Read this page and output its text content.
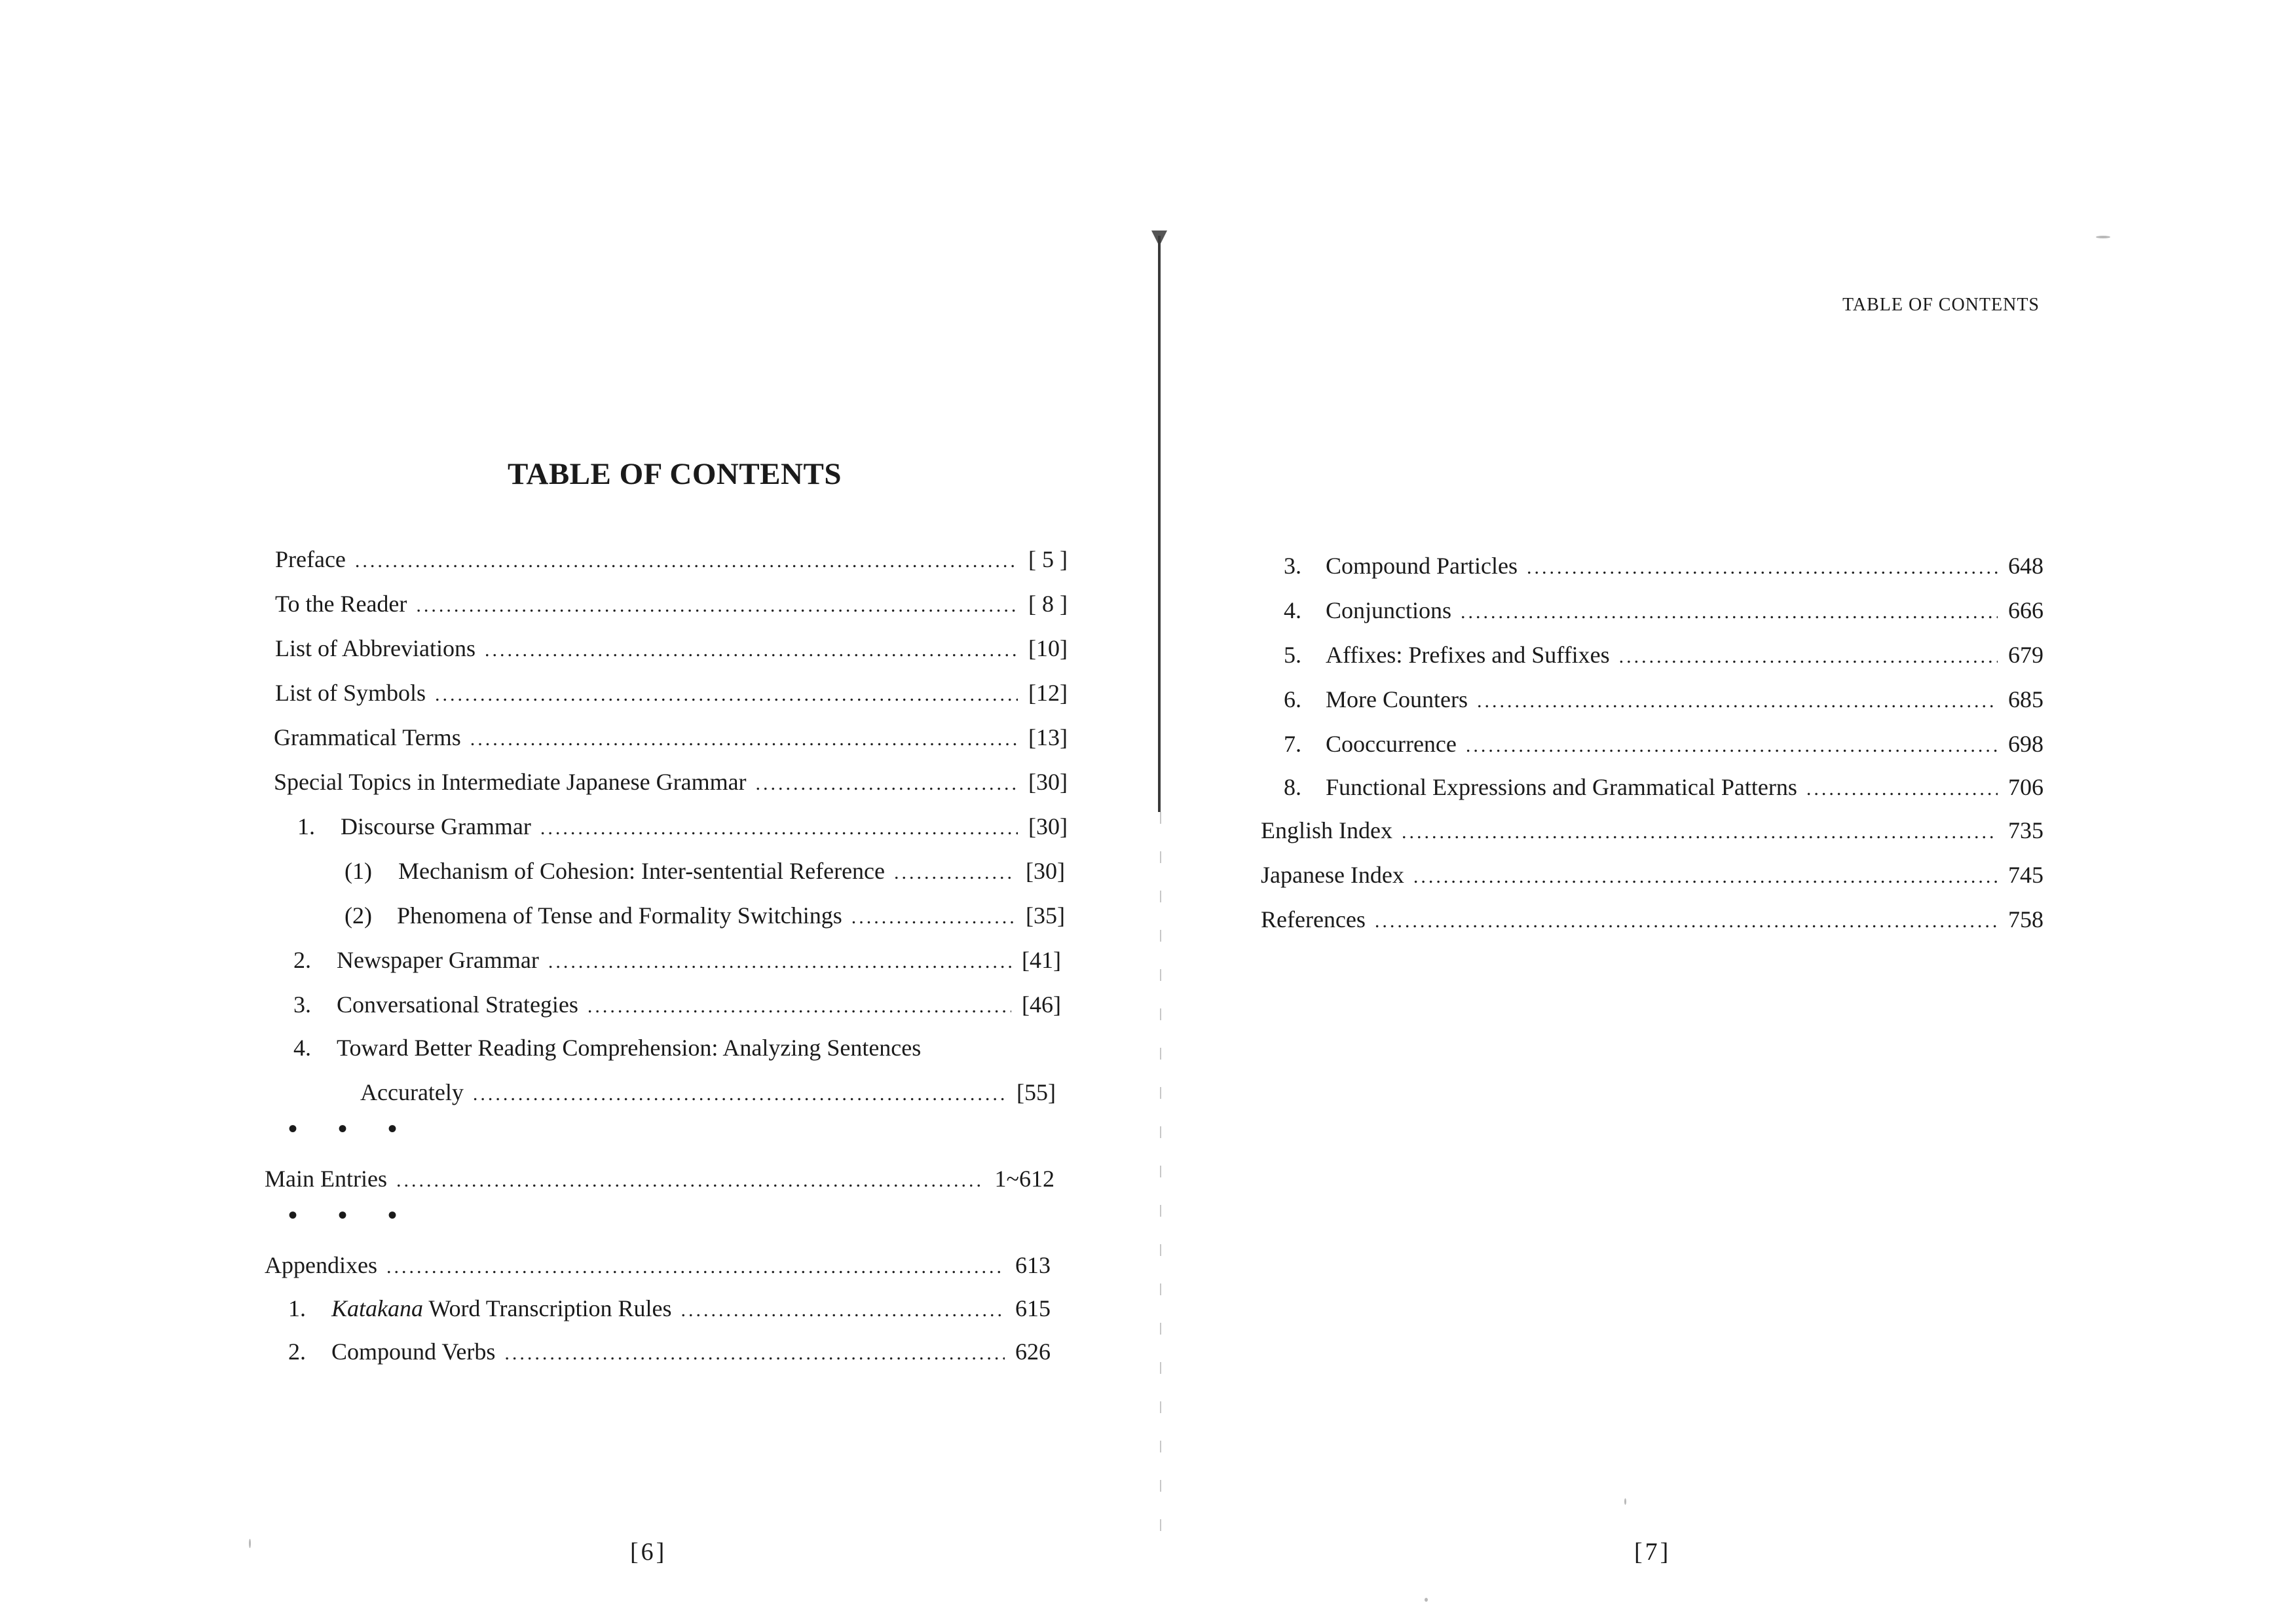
TABLE OF CONTENTS
Preface .....	[ 5 ]
To the Reader .....	[ 8 ]
List of Abbreviations .....	[10]
List of Symbols .....	[12]
Grammatical Terms .....	[13]
Special Topics in Intermediate Japanese Grammar .....	[30]
1.	Discourse Grammar .....	[30]
(1)	Mechanism of Cohesion: Inter-sentential Reference .....	[30]
(2)	Phenomena of Tense and Formality Switchings .....	[35]
2.	Newspaper Grammar .....	[41]
3.	Conversational Strategies .....	[46]
4.	Toward Better Reading Comprehension: Analyzing Sentences
Accurately .....	[55]
• • •
Main Entries .....	1~612
• • •
Appendixes .....	613
1.	Katakana Word Transcription Rules .....	615
2.	Compound Verbs .....	626
[6]
TABLE OF CONTENTS
3.	Compound Particles .....	648
4.	Conjunctions .....	666
5.	Affixes: Prefixes and Suffixes .....	679
6.	More Counters .....	685
7.	Cooccurrence .....	698
8.	Functional Expressions and Grammatical Patterns .....	706
English Index .....	735
Japanese Index .....	745
References .....	758
[7]
